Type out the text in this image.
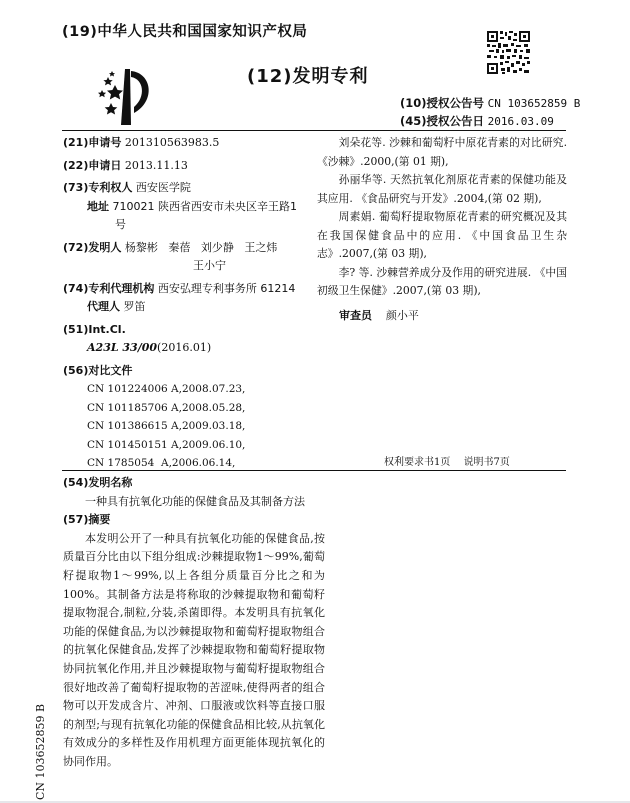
(19)中华人民共和国国家知识产权局
(12)发明专利
(10)授权公告号 CN 103652859 B
(45)授权公告日 2016.03.09
(21)申请号 201310563983.5
(22)申请日 2013.11.13
(73)专利权人 西安医学院
地址 710021 陕西省西安市未央区辛王路1
号
(72)发明人 杨黎彬   秦蓓   刘少静   王之炜
王小宁
(74)专利代理机构 西安弘理专利事务所 61214
代理人 罗笛
(51)Int.Cl.
A23L 33/00(2016.01)
(56)对比文件
CN 101224006 A,2008.07.23,
CN 101185706 A,2008.05.28,
CN 101386615 A,2009.03.18,
CN 101450151 A,2009.06.10,
CN 1785054  A,2006.06.14,

刘朵花等. 沙棘和葡萄籽中原花青素的对比研究. 《沙棘》.2000,(第 01 期),

孙丽华等. 天然抗氧化剂原花青素的保健功能及其应用. 《食品研究与开发》.2004,(第 02 期),

周素娟. 葡萄籽提取物原花青素的研究概况及其在我国保健食品中的应用. 《中国食品卫生杂志》.2007,(第 03 期),

李? 等. 沙棘营养成分及作用的研究进展. 《中国初级卫生保健》.2007,(第 03 期),

审查员 颜小平
权利要求书1页 说明书7页
(54)发明名称
一种具有抗氧化功能的保健食品及其制备方法
(57)摘要
本发明公开了一种具有抗氧化功能的保健食品,按质量百分比由以下组分组成:沙棘提取物1～99%,葡萄籽提取物1～99%,以上各组分质量百分比之和为100%。其制备方法是将称取的沙棘提取物和葡萄籽提取物混合,制粒,分装,杀菌即得。本发明具有抗氧化功能的保健食品,为以沙棘提取物和葡萄籽提取物组合的抗氧化保健食品,发挥了沙棘提取物和葡萄籽提取物协同抗氧化作用,并且沙棘提取物与葡萄籽提取物组合很好地改善了葡萄籽提取物的苦涩味,使得两者的组合物可以开发成含片、冲剂、口服液或饮料等直接口服的剂型;与现有抗氧化功能的保健食品相比较,从抗氧化有效成分的多样性及作用机理方面更能体现抗氧化的协同作用。
CN 103652859 B
